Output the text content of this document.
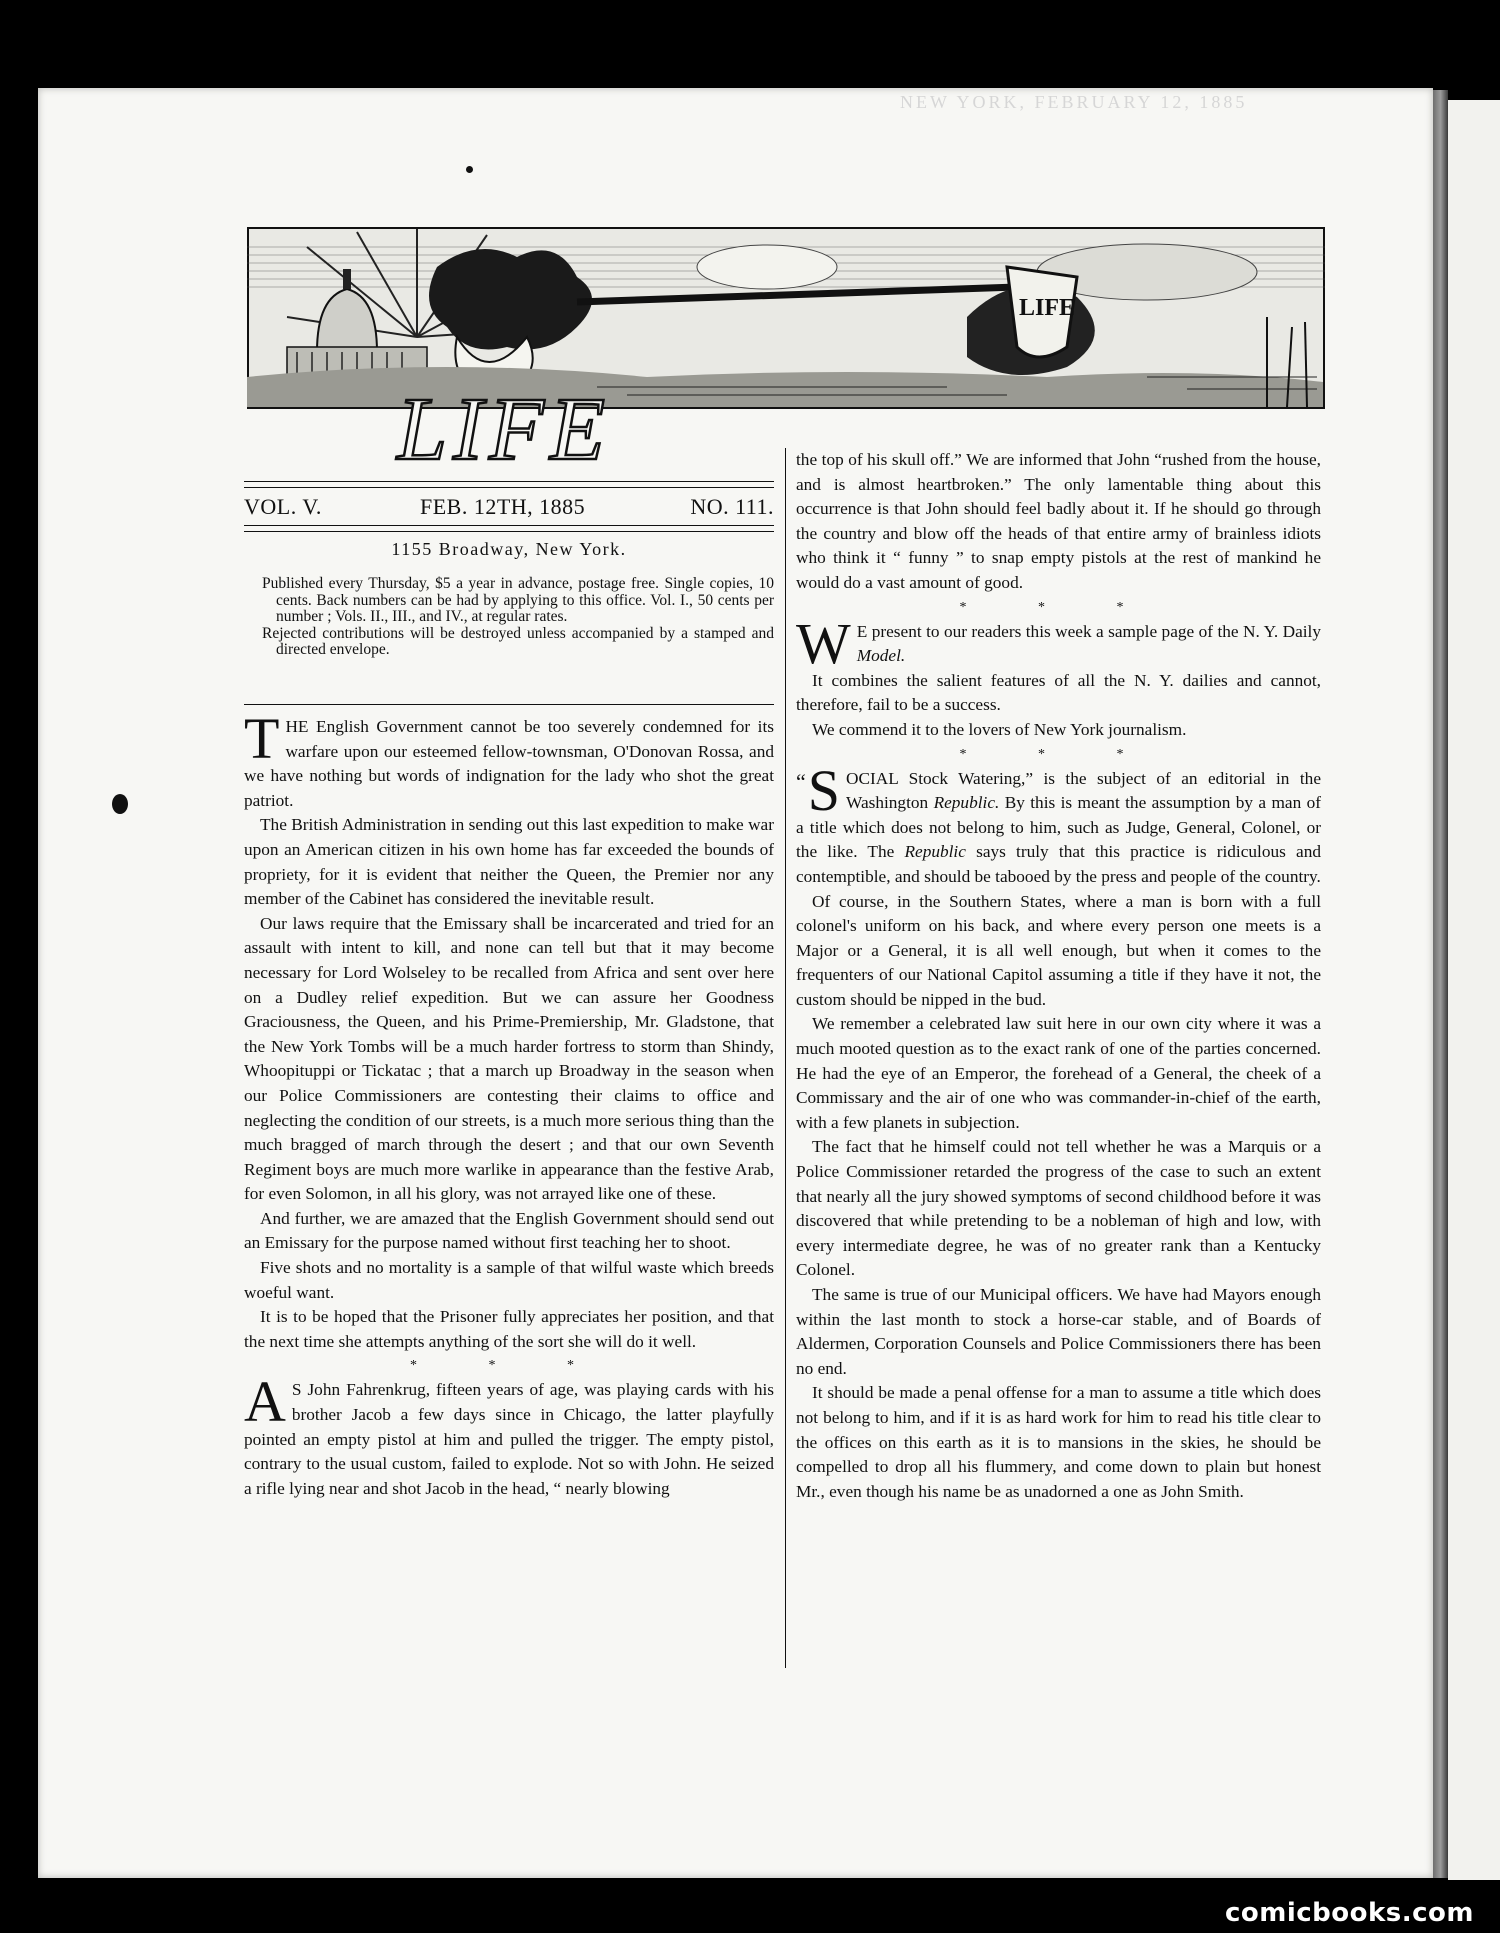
NEW YORK, FEBRUARY 12, 1885
LIFE
LIFE
VOL. V.	FEB. 12TH, 1885	NO. 111.
1155 Broadway, New York.

Published every Thursday, $5 a year in advance, postage free. Single copies, 10 cents. Back numbers can be had by applying to this office. Vol. I., 50 cents per number ; Vols. II., III., and IV., at regular rates.

Rejected contributions will be destroyed unless accompanied by a stamped and directed envelope.

THE English Government cannot be too severely condemned for its warfare upon our esteemed fellow-townsman, O'Donovan Rossa, and we have nothing but words of indignation for the lady who shot the great patriot.

The British Administration in sending out this last expedition to make war upon an American citizen in his own home has far exceeded the bounds of propriety, for it is evident that neither the Queen, the Premier nor any member of the Cabinet has considered the inevitable result.

Our laws require that the Emissary shall be incarcerated and tried for an assault with intent to kill, and none can tell but that it may become necessary for Lord Wolseley to be recalled from Africa and sent over here on a Dudley relief expedition. But we can assure her Goodness Graciousness, the Queen, and his Prime-Premiership, Mr. Gladstone, that the New York Tombs will be a much harder fortress to storm than Shindy, Whoopituppi or Tickatac ; that a march up Broadway in the season when our Police Commissioners are contesting their claims to office and neglecting the condition of our streets, is a much more serious thing than the much bragged of march through the desert ; and that our own Seventh Regiment boys are much more warlike in appearance than the festive Arab, for even Solomon, in all his glory, was not arrayed like one of these.

And further, we are amazed that the English Government should send out an Emissary for the purpose named without first teaching her to shoot.

Five shots and no mortality is a sample of that wilful waste which breeds woeful want.

It is to be hoped that the Prisoner fully appreciates her position, and that the next time she attempts anything of the sort she will do it well.

* * *

A S John Fahrenkrug, fifteen years of age, was playing cards with his brother Jacob a few days since in Chicago, the latter playfully pointed an empty pistol at him and pulled the trigger. The empty pistol, contrary to the usual custom, failed to explode. Not so with John. He seized a rifle lying near and shot Jacob in the head, “ nearly blowing

the top of his skull off.” We are informed that John “rushed from the house, and is almost heartbroken.” The only lamentable thing about this occurrence is that John should feel badly about it. If he should go through the country and blow off the heads of that entire army of brainless idiots who think it “ funny ” to snap empty pistols at the rest of mankind he would do a vast amount of good.

* * *

W E present to our readers this week a sample page of the N. Y. Daily Model.

It combines the salient features of all the N. Y. dailies and cannot, therefore, fail to be a success.

We commend it to the lovers of New York journalism.

* * *

“ S OCIAL Stock Watering,” is the subject of an editorial in the Washington Republic. By this is meant the assumption by a man of a title which does not belong to him, such as Judge, General, Colonel, or the like. The Republic says truly that this practice is ridiculous and contemptible, and should be tabooed by the press and people of the country.

Of course, in the Southern States, where a man is born with a full colonel's uniform on his back, and where every person one meets is a Major or a General, it is all well enough, but when it comes to the frequenters of our National Capitol assuming a title if they have it not, the custom should be nipped in the bud.

We remember a celebrated law suit here in our own city where it was a much mooted question as to the exact rank of one of the parties concerned. He had the eye of an Emperor, the forehead of a General, the cheek of a Commissary and the air of one who was commander-in-chief of the earth, with a few planets in subjection.

The fact that he himself could not tell whether he was a Marquis or a Police Commissioner retarded the progress of the case to such an extent that nearly all the jury showed symptoms of second childhood before it was discovered that while pretending to be a nobleman of high and low, with every intermediate degree, he was of no greater rank than a Kentucky Colonel.

The same is true of our Municipal officers. We have had Mayors enough within the last month to stock a horse-car stable, and of Boards of Aldermen, Corporation Counsels and Police Commissioners there has been no end.

It should be made a penal offense for a man to assume a title which does not belong to him, and if it is as hard work for him to read his title clear to the offices on this earth as it is to mansions in the skies, he should be compelled to drop all his flummery, and come down to plain but honest Mr., even though his name be as unadorned a one as John Smith.

comicbooks.com
